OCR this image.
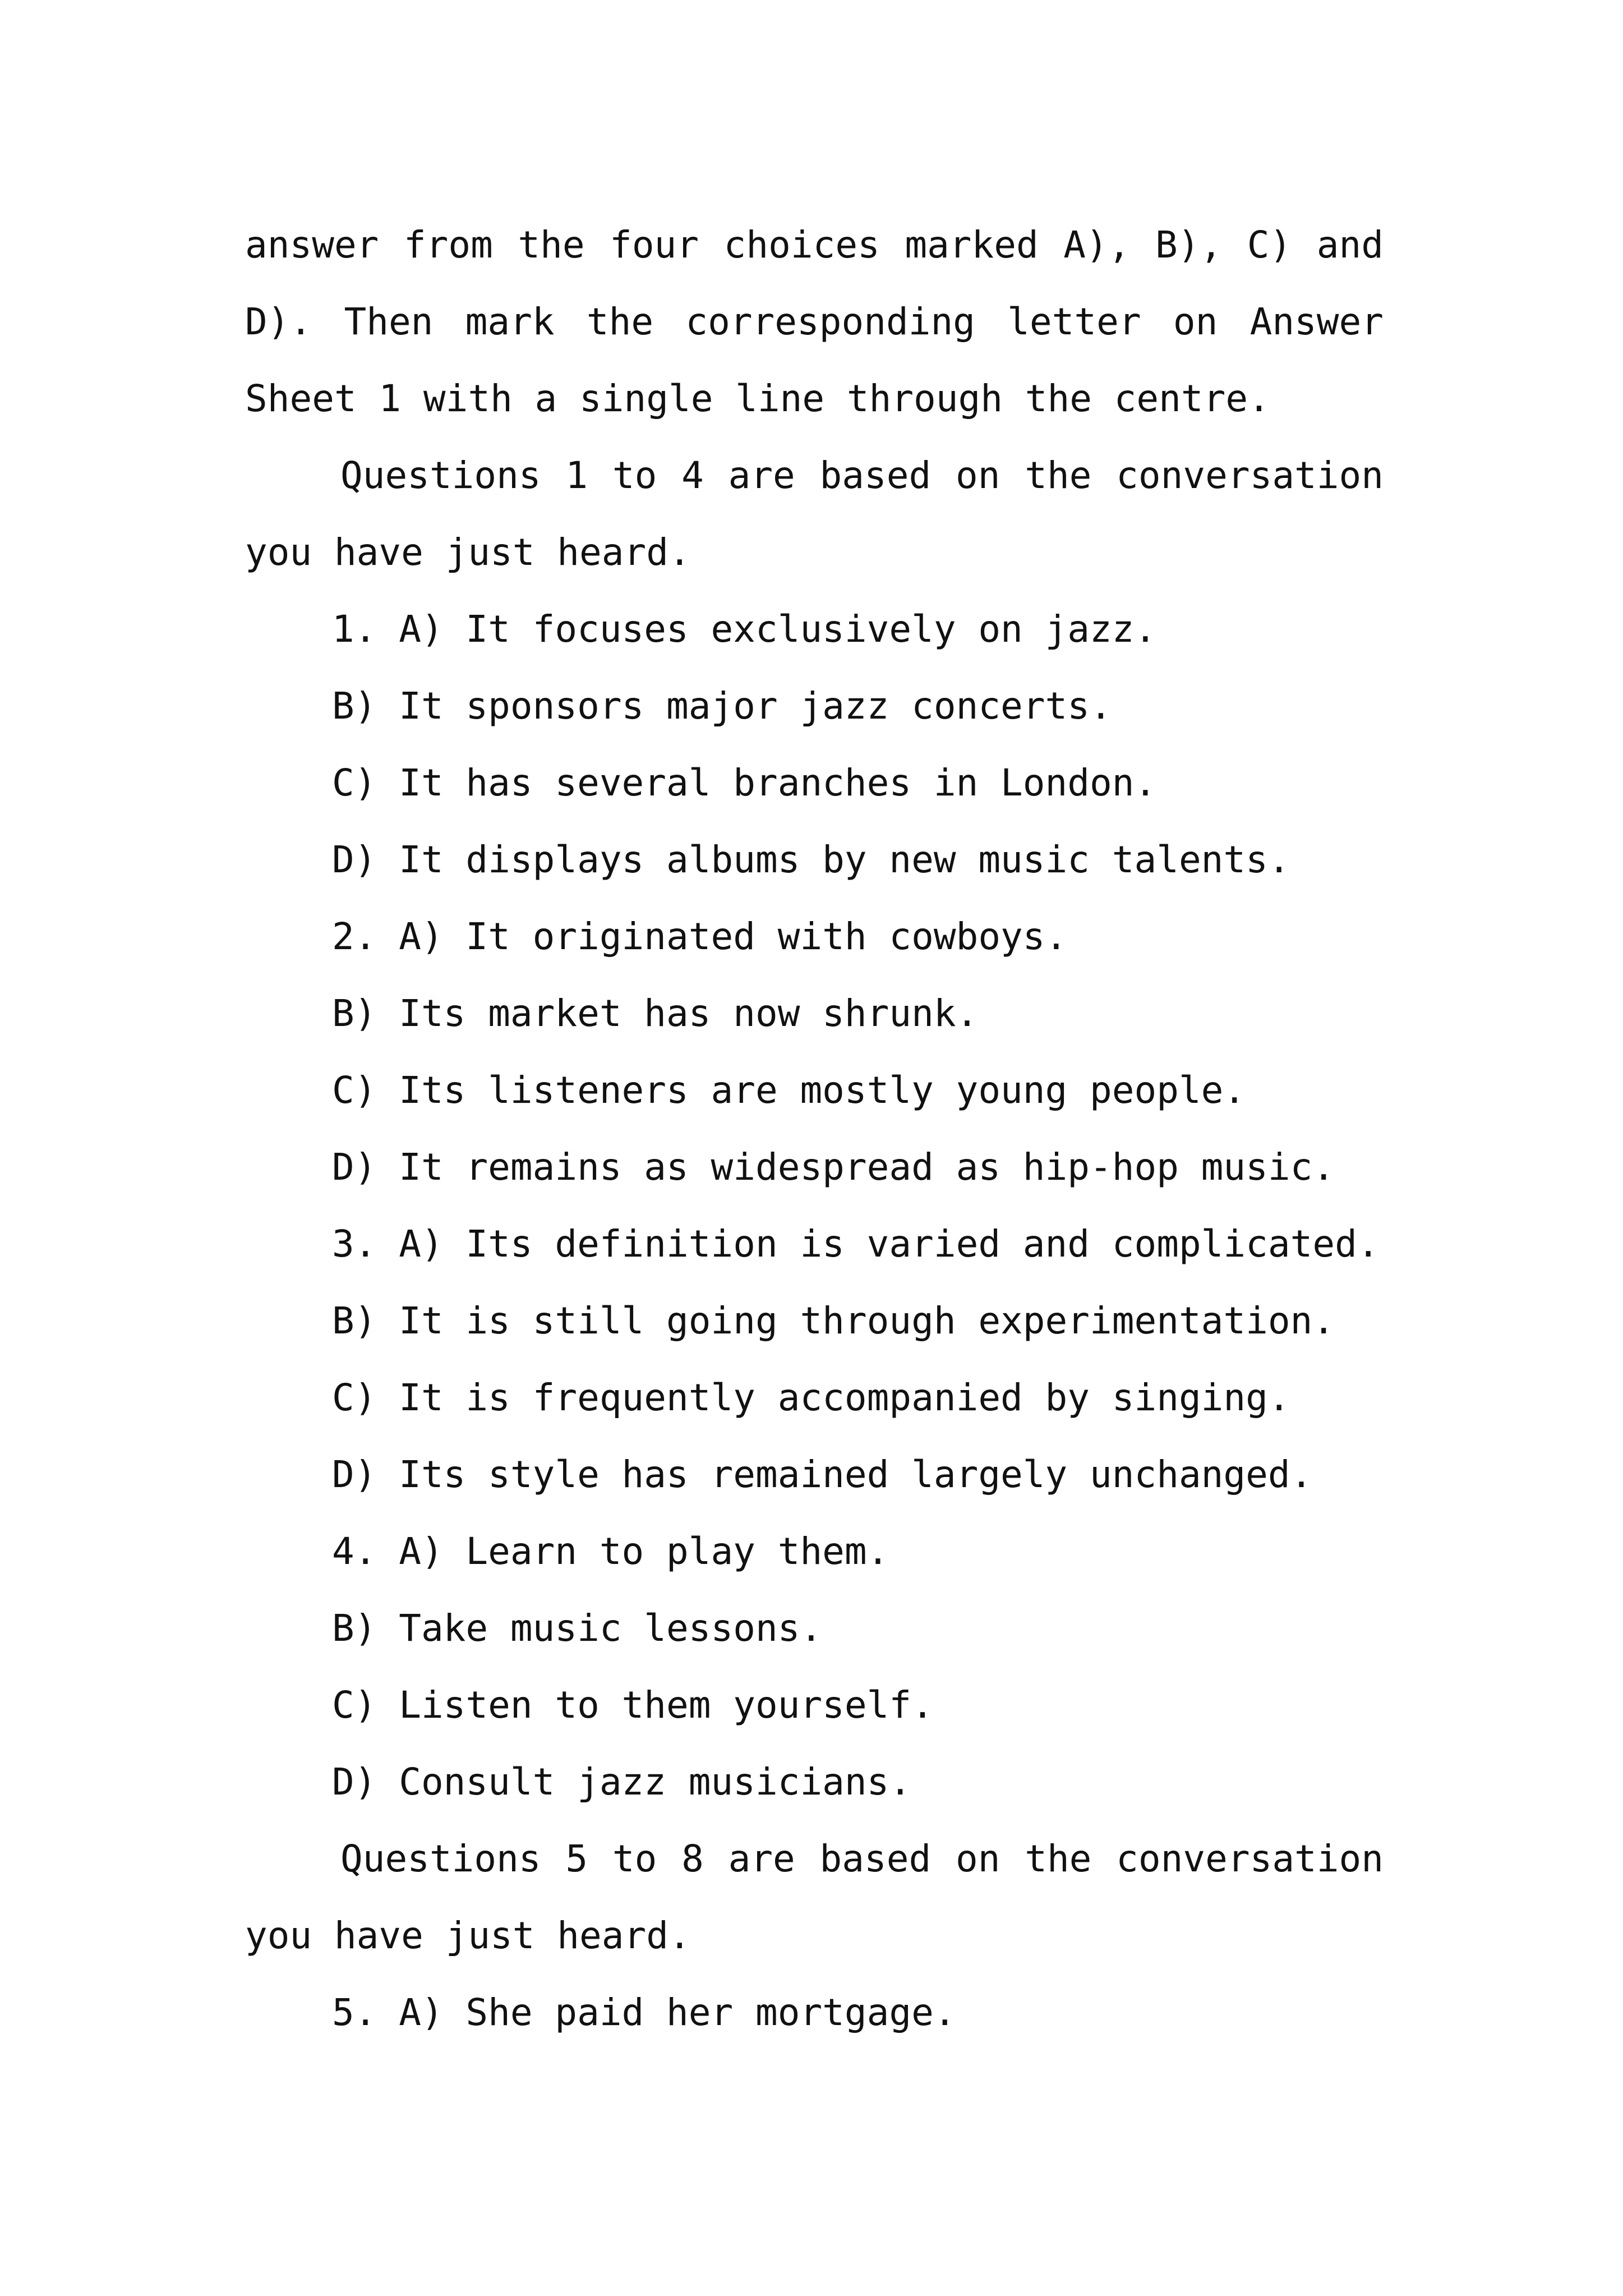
answer from the four choices marked A), B), C) and
D). Then mark the corresponding letter on Answer
Sheet 1 with a single line through the centre.
Questions 1 to 4 are based on the conversation
you have just heard.
1. A) It focuses exclusively on jazz.
B) It sponsors major jazz concerts.
C) It has several branches in London.
D) It displays albums by new music talents.
2. A) It originated with cowboys.
B) Its market has now shrunk.
C) Its listeners are mostly young people.
D) It remains as widespread as hip-hop music.
3. A) Its definition is varied and complicated.
B) It is still going through experimentation.
C) It is frequently accompanied by singing.
D) Its style has remained largely unchanged.
4. A) Learn to play them.
B) Take music lessons.
C) Listen to them yourself.
D) Consult jazz musicians.
Questions 5 to 8 are based on the conversation
you have just heard.
5. A) She paid her mortgage.
